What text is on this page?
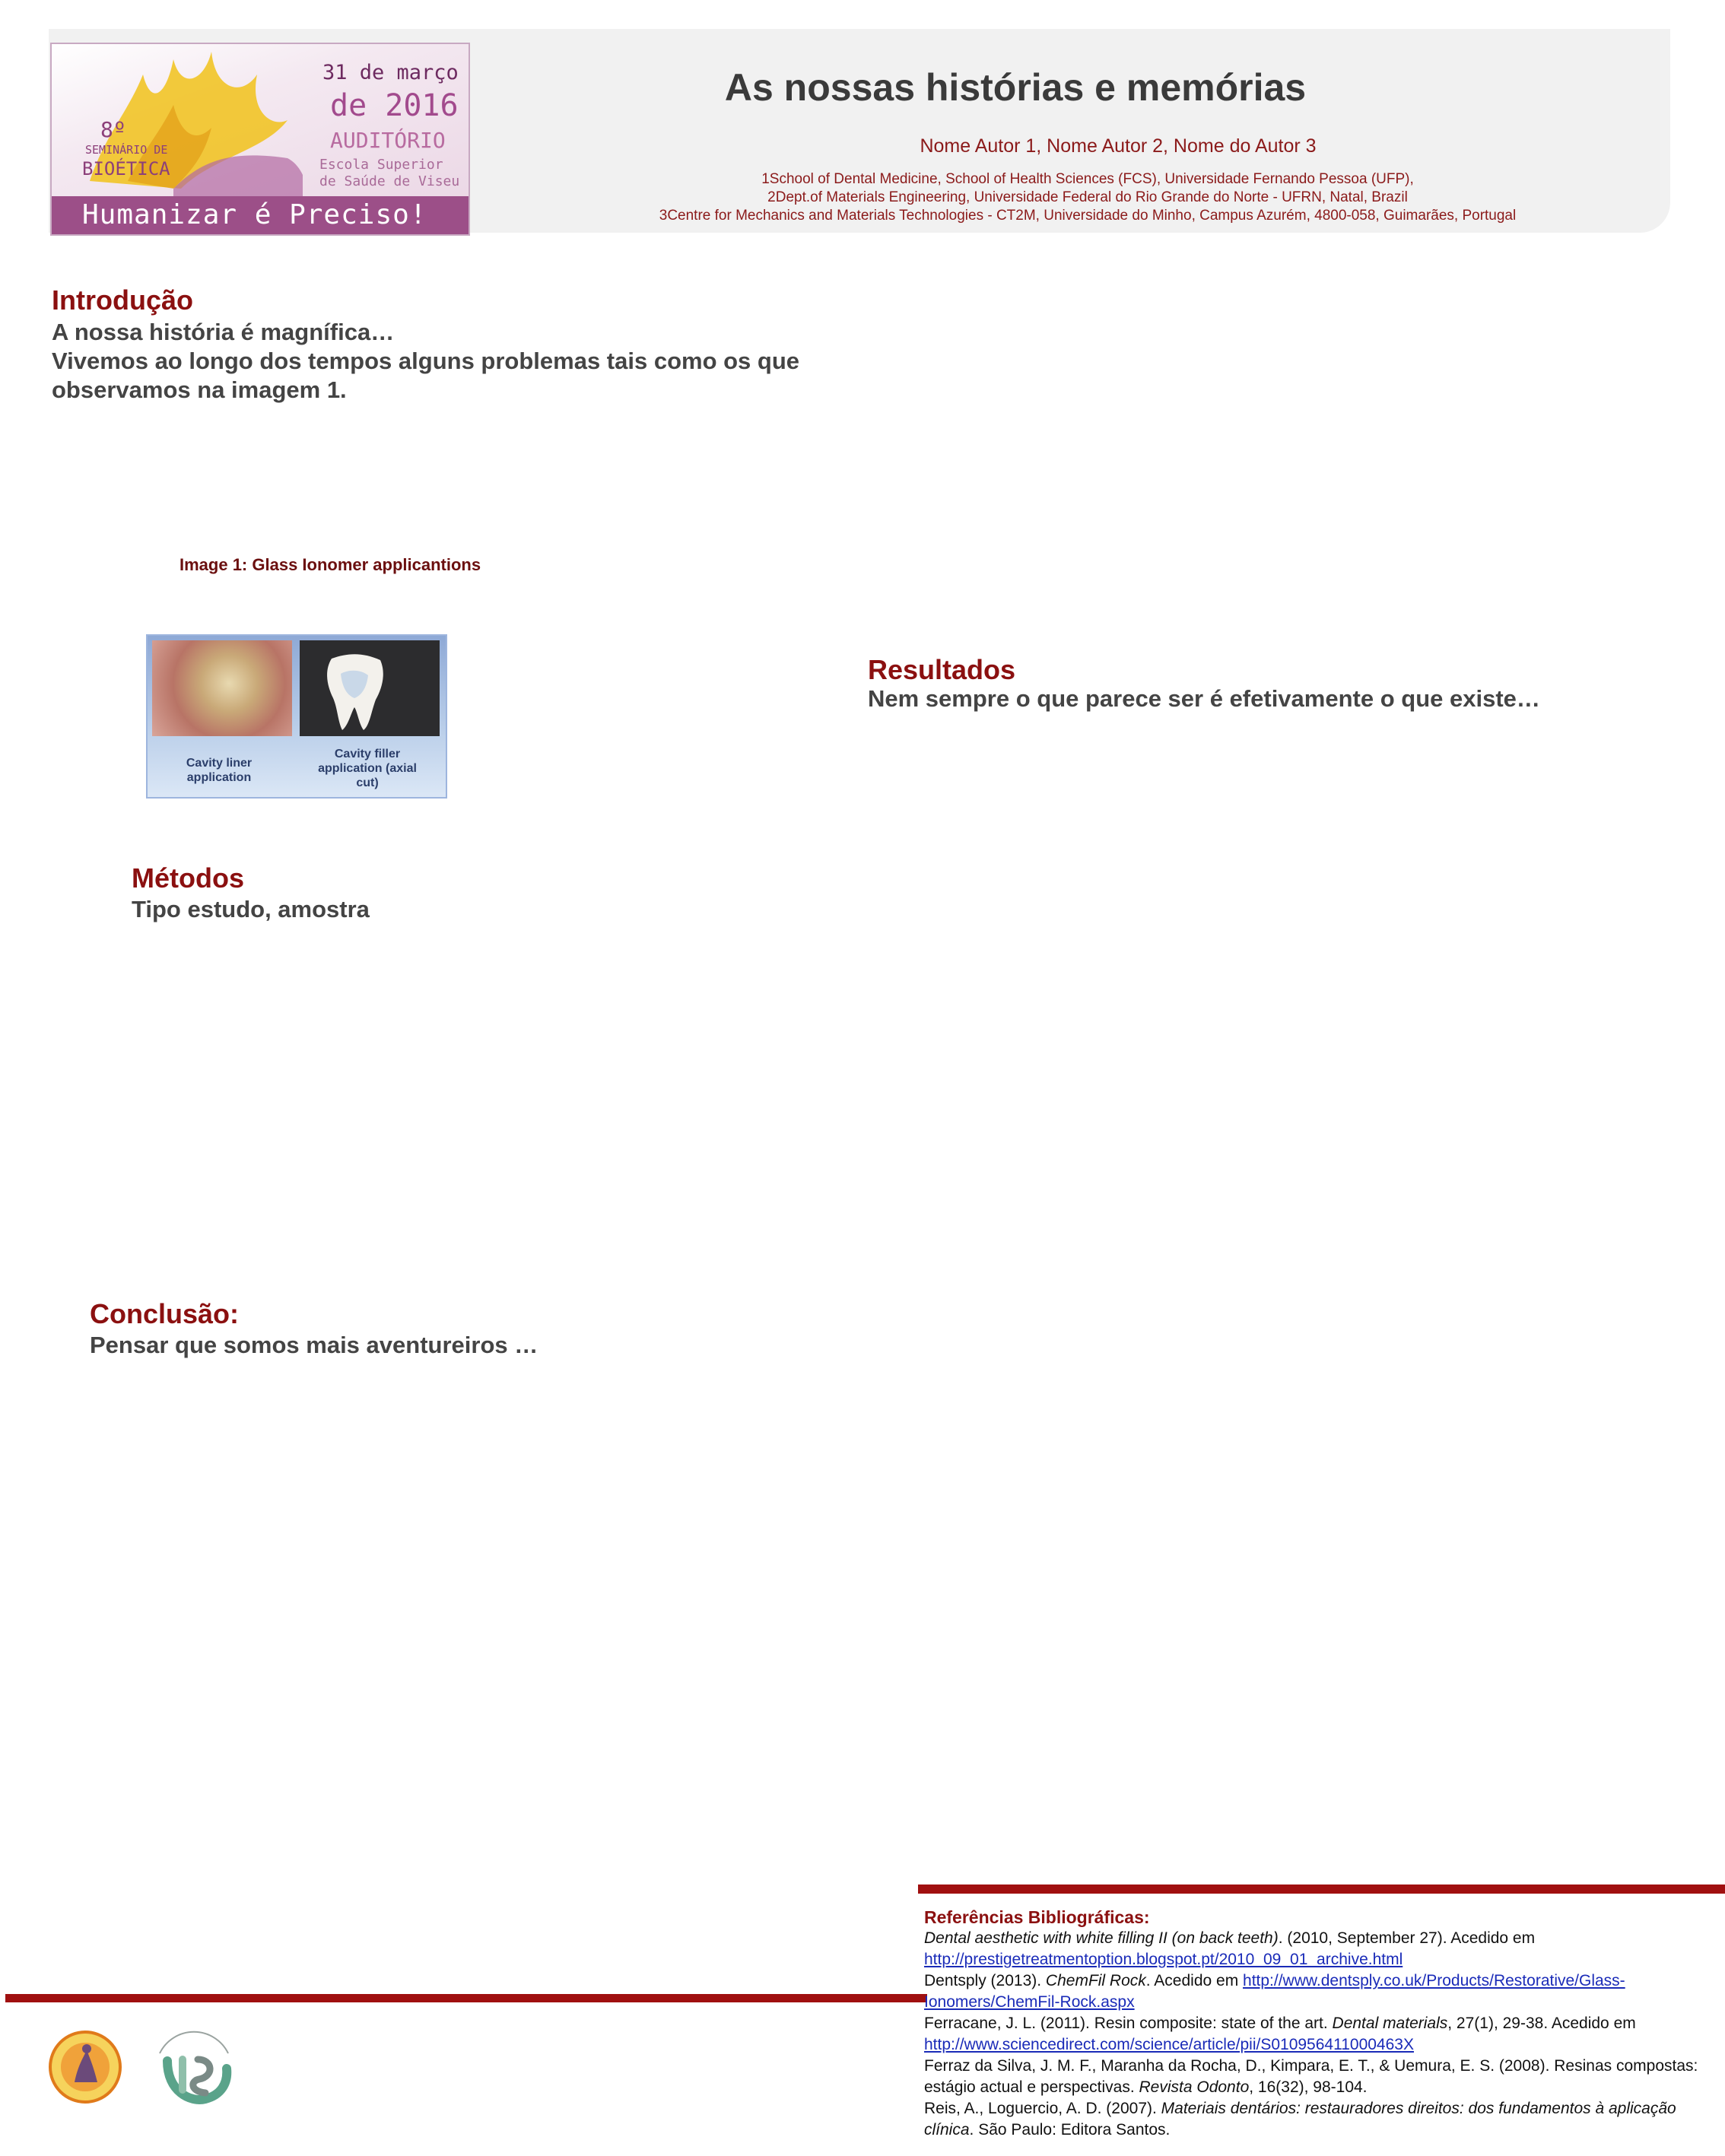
31 de março
de 2016
AUDITÓRIO
Escola Superior
de Saúde de Viseu
8º
SEMINÁRIO DE
BIOÉTICA
Humanizar é Preciso!
As nossas histórias e memórias
Nome Autor 1, Nome Autor 2, Nome do Autor 3
1School of Dental Medicine, School of Health Sciences (FCS), Universidade Fernando Pessoa (UFP),
2Dept.of Materials Engineering, Universidade Federal do Rio Grande do Norte - UFRN, Natal, Brazil
3Centre for Mechanics and Materials Technologies - CT2M, Universidade do Minho, Campus Azurém, 4800-058, Guimarães, Portugal
Introdução
A nossa história é magnífica…
Vivemos ao longo dos tempos alguns problemas tais como os que
observamos na imagem 1.
Image 1: Glass Ionomer applicantions
Cavity liner application
Cavity filler application (axial cut)
Resultados
Nem sempre o que parece ser é efetivamente o que existe…
Métodos
Tipo estudo, amostra
Conclusão:
Pensar que somos mais aventureiros …
Referências Bibliográficas:
Dental aesthetic with white filling II (on back teeth). (2010, September 27). Acedido em http://prestigetreatmentoption.blogspot.pt/2010_09_01_archive.html
Dentsply (2013). ChemFil Rock. Acedido em http://www.dentsply.co.uk/Products/Restorative/Glass-Ionomers/ChemFil-Rock.aspx
Ferracane, J. L. (2011). Resin composite: state of the art. Dental materials, 27(1), 29-38. Acedido em http://www.sciencedirect.com/science/article/pii/S010956411000463X
Ferraz da Silva, J. M. F., Maranha da Rocha, D., Kimpara, E. T., & Uemura, E. S. (2008). Resinas compostas: estágio actual e perspectivas. Revista Odonto, 16(32), 98-104.
Reis, A., Loguercio, A. D. (2007). Materiais dentários: restauradores direitos: dos fundamentos à aplicação clínica. São Paulo: Editora Santos.
